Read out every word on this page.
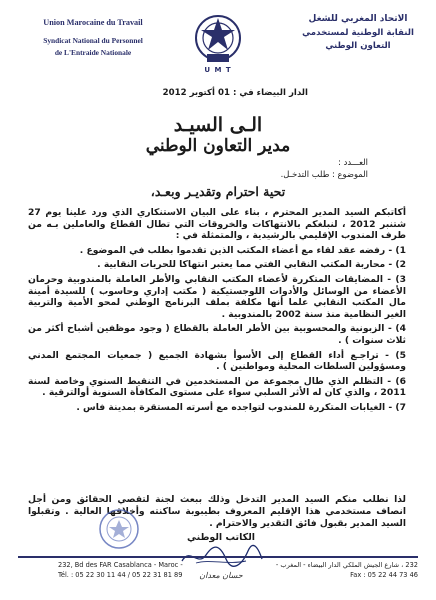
Union Marocaine du Travail
Syndicat National du Personnel
de L'Entraide Nationale
U M T
الاتحاد المغربي للشغل
النقابة الوطنية لمستخدمي
التعاون الوطني
الدار البيضاء في : 01 أكتوبر 2012
الـى السيـد
مدير التعاون الوطني
العـــدد :
الموضوع : طلب التدخـل.
تحية احترام وتقديـر وبعـد،

أكاتبكم السيد المدير المحترم ، بناء على البيان الاستنكاري الذي ورد علينا يوم 27 شتنبر 2012 ، لنبلغكم بالانتهاكات والخروقات التي تطال القطاع والعاملين بـه من طرف المندوب الإقليمي بالرشيدية ، والمتمثلة في :

1) - رفضه عقد لقاء مع أعضاء المكتب الذين تقدموا بطلب في الموضوع .
2) - محاربة المكتب النقابي الفتي مما يعتبر انتهاكا للحريات النقابية .
3) - المضايقات المتكررة لأعضاء المكتب النقابي والأطر العاملة بالمندوبية وحرمان الأعضاء من الوسائل والأدوات اللوجستيكية ( مكتب إداري وحاسوب ) للسيدة أمينة مال المكتب النقابي علما أنها مكلفة بملف البرنامج الوطني لمحو الأمية والتربية الغير النظامية منذ سنة 2002 بالمندوبية .
4) - الزبونية والمحسوبية بين الأطر العاملة بالقطاع ( وجود موظفين أشباح أكثر من ثلاث سنوات ) .
5) - تراجـع أداء القطاع إلى الأسوأ بشهادة الجميع ( جمعيات المجتمع المدني ومسؤولين السلطات المحلية ومواطنين ) .
6) - التظلم الذي طال مجموعة من المستخدمين في التنقيط السنوي وخاصة لسنة 2011 ، والذي كان له الأثر السلبي سواء على مستوى المكافأة السنوية أوالترقية .
7) - الغيابات المتكررة للمندوب لتواجده مع أسرته المستقرة بمدينة فاس .
لذا نطلب منكم السيد المدير التدخل وذلك ببعث لجنة لتقصي الحقائق ومن أجل انصاف مستخدمي هذا الإقليم المعروف بطيبوبة ساكنته وأخلاقها العالية . وتقبلوا السيد المدير بقبول فائق التقدير والاحترام .
الكاتب الوطني
حسان معدان
232, Bd des FAR Casablanca - Maroc -	232 ، شارع الجيش الملكي الدار البيضاء - المغرب -
Tél. : 05 22 30 11 44 / 05 22 31 81 89	Fax : 05 22 44 73 46
